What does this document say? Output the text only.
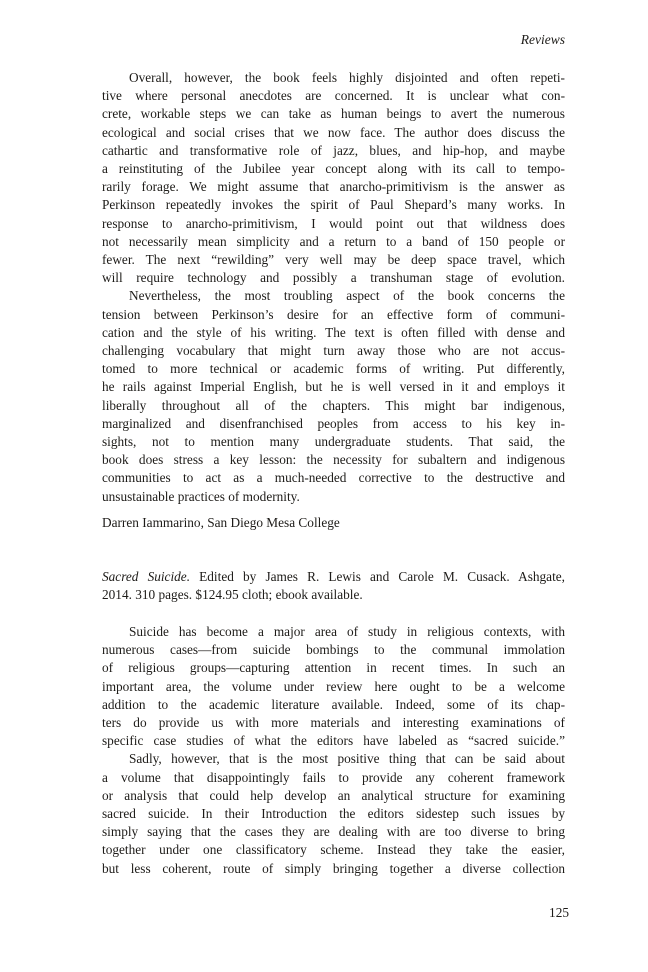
Reviews
Overall, however, the book feels highly disjointed and often repeti-
tive where personal anecdotes are concerned. It is unclear what con-
crete, workable steps we can take as human beings to avert the numerous
ecological and social crises that we now face. The author does discuss the
cathartic and transformative role of jazz, blues, and hip-hop, and maybe
a reinstituting of the Jubilee year concept along with its call to tempo-
rarily forage. We might assume that anarcho-primitivism is the answer as
Perkinson repeatedly invokes the spirit of Paul Shepard’s many works. In
response to anarcho-primitivism, I would point out that wildness does
not necessarily mean simplicity and a return to a band of 150 people or
fewer. The next “rewilding” very well may be deep space travel, which
will require technology and possibly a transhuman stage of evolution.
Nevertheless, the most troubling aspect of the book concerns the
tension between Perkinson’s desire for an effective form of communi-
cation and the style of his writing. The text is often filled with dense and
challenging vocabulary that might turn away those who are not accus-
tomed to more technical or academic forms of writing. Put differently,
he rails against Imperial English, but he is well versed in it and employs it
liberally throughout all of the chapters. This might bar indigenous,
marginalized and disenfranchised peoples from access to his key in-
sights, not to mention many undergraduate students. That said, the
book does stress a key lesson: the necessity for subaltern and indigenous
communities to act as a much-needed corrective to the destructive and
unsustainable practices of modernity.
Darren Iammarino, San Diego Mesa College
Sacred Suicide. Edited by James R. Lewis and Carole M. Cusack. Ashgate,
2014. 310 pages. $124.95 cloth; ebook available.
Suicide has become a major area of study in religious contexts, with
numerous cases—from suicide bombings to the communal immolation
of religious groups—capturing attention in recent times. In such an
important area, the volume under review here ought to be a welcome
addition to the academic literature available. Indeed, some of its chap-
ters do provide us with more materials and interesting examinations of
specific case studies of what the editors have labeled as “sacred suicide.”
Sadly, however, that is the most positive thing that can be said about
a volume that disappointingly fails to provide any coherent framework
or analysis that could help develop an analytical structure for examining
sacred suicide. In their Introduction the editors sidestep such issues by
simply saying that the cases they are dealing with are too diverse to bring
together under one classificatory scheme. Instead they take the easier,
but less coherent, route of simply bringing together a diverse collection
125
